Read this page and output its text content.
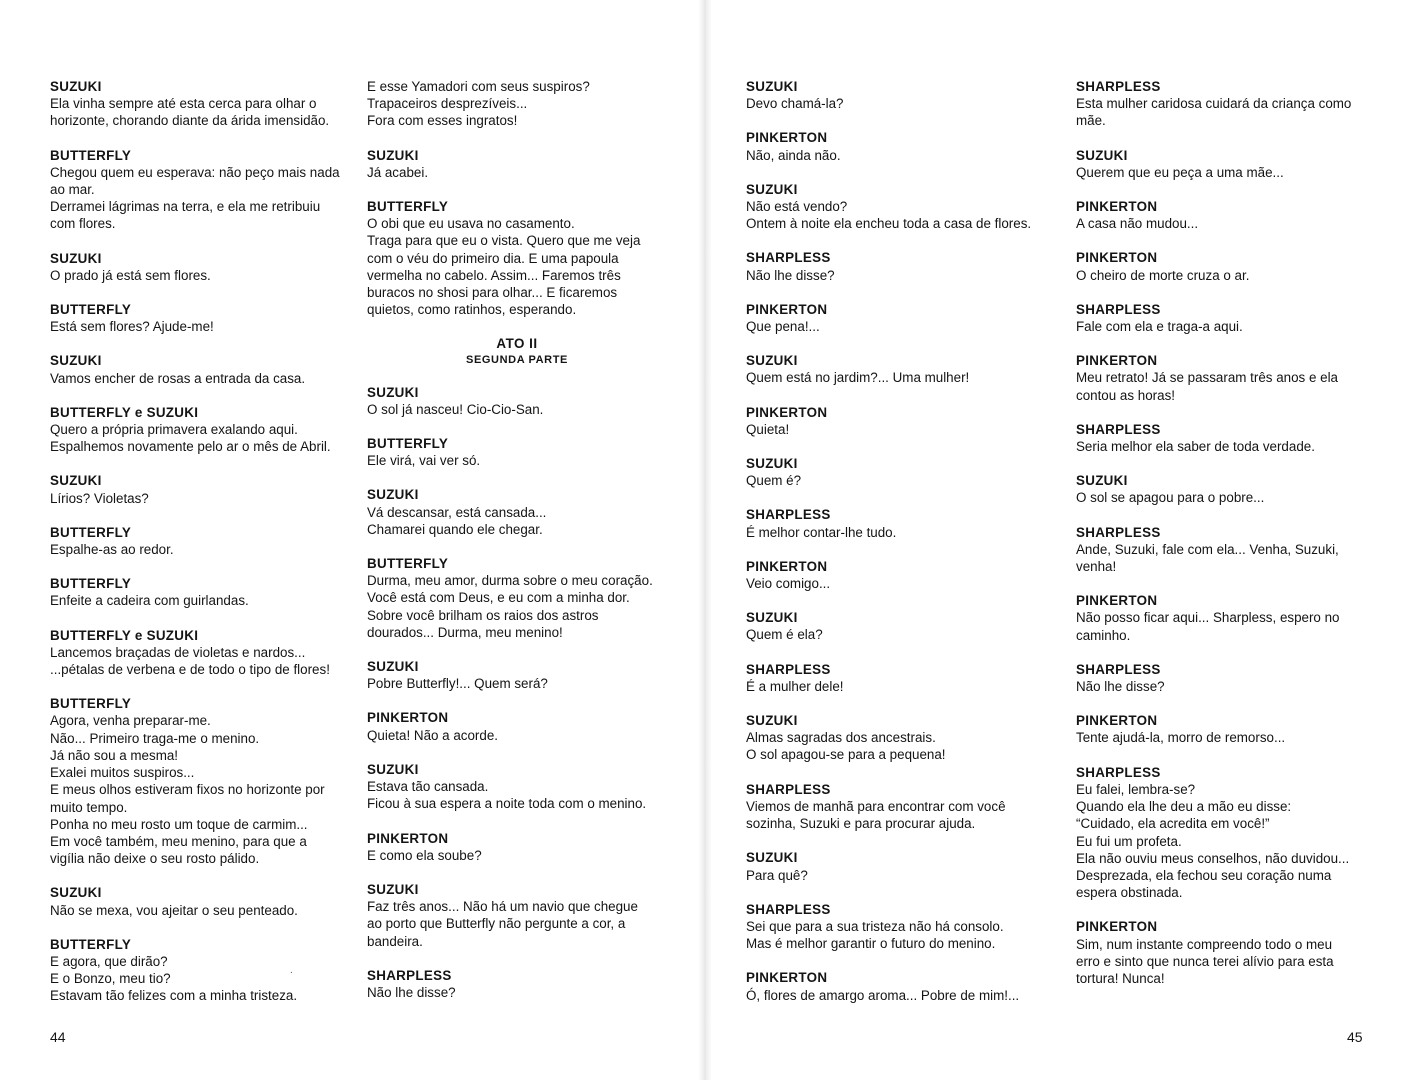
SUZUKI
Ela vinha sempre até esta cerca para olhar o
horizonte, chorando diante da árida imensidão.
BUTTERFLY
Chegou quem eu esperava: não peço mais nada
ao mar.
Derramei lágrimas na terra, e ela me retribuiu
com flores.
SUZUKI
O prado já está sem flores.
BUTTERFLY
Está sem flores? Ajude-me!
SUZUKI
Vamos encher de rosas a entrada da casa.
BUTTERFLY e SUZUKI
Quero a própria primavera exalando aqui.
Espalhemos novamente pelo ar o mês de Abril.
SUZUKI
Lírios? Violetas?
BUTTERFLY
Espalhe-as ao redor.
BUTTERFLY
Enfeite a cadeira com guirlandas.
BUTTERFLY e SUZUKI
Lancemos braçadas de violetas e nardos...
...pétalas de verbena e de todo o tipo de flores!
BUTTERFLY
Agora, venha preparar-me.
Não... Primeiro traga-me o menino.
Já não sou a mesma!
Exalei muitos suspiros...
E meus olhos estiveram fixos no horizonte por
muito tempo.
Ponha no meu rosto um toque de carmim...
Em você também, meu menino, para que a
vigília não deixe o seu rosto pálido.
SUZUKI
Não se mexa, vou ajeitar o seu penteado.
BUTTERFLY
E agora, que dirão?
E o Bonzo, meu tio?
Estavam tão felizes com a minha tristeza.
E esse Yamadori com seus suspiros?
Trapaceiros desprezíveis...
Fora com esses ingratos!
SUZUKI
Já acabei.
BUTTERFLY
O obi que eu usava no casamento.
Traga para que eu o vista. Quero que me veja
com o véu do primeiro dia. E uma papoula
vermelha no cabelo. Assim... Faremos três
buracos no shosi para olhar... E ficaremos
quietos, como ratinhos, esperando.
ATO II
SEGUNDA PARTE
SUZUKI
O sol já nasceu! Cio-Cio-San.
BUTTERFLY
Ele virá, vai ver só.
SUZUKI
Vá descansar, está cansada...
Chamarei quando ele chegar.
BUTTERFLY
Durma, meu amor, durma sobre o meu coração.
Você está com Deus, e eu com a minha dor.
Sobre você brilham os raios dos astros
dourados... Durma, meu menino!
SUZUKI
Pobre Butterfly!... Quem será?
PINKERTON
Quieta! Não a acorde.
SUZUKI
Estava tão cansada.
Ficou à sua espera a noite toda com o menino.
PINKERTON
E como ela soube?
SUZUKI
Faz três anos... Não há um navio que chegue
ao porto que Butterfly não pergunte a cor, a
bandeira.
SHARPLESS
Não lhe disse?
SUZUKI
Devo chamá-la?
PINKERTON
Não, ainda não.
SUZUKI
Não está vendo?
Ontem à noite ela encheu toda a casa de flores.
SHARPLESS
Não lhe disse?
PINKERTON
Que pena!...
SUZUKI
Quem está no jardim?... Uma mulher!
PINKERTON
Quieta!
SUZUKI
Quem é?
SHARPLESS
É melhor contar-lhe tudo.
PINKERTON
Veio comigo...
SUZUKI
Quem é ela?
SHARPLESS
É a mulher dele!
SUZUKI
Almas sagradas dos ancestrais.
O sol apagou-se para a pequena!
SHARPLESS
Viemos de manhã para encontrar com você
sozinha, Suzuki e para procurar ajuda.
SUZUKI
Para quê?
SHARPLESS
Sei que para a sua tristeza não há consolo.
Mas é melhor garantir o futuro do menino.
PINKERTON
Ó, flores de amargo aroma... Pobre de mim!...
SHARPLESS
Esta mulher caridosa cuidará da criança como
mãe.
SUZUKI
Querem que eu peça a uma mãe...
PINKERTON
A casa não mudou...
PINKERTON
O cheiro de morte cruza o ar.
SHARPLESS
Fale com ela e traga-a aqui.
PINKERTON
Meu retrato! Já se passaram três anos e ela
contou as horas!
SHARPLESS
Seria melhor ela saber de toda verdade.
SUZUKI
O sol se apagou para o pobre...
SHARPLESS
Ande, Suzuki, fale com ela... Venha, Suzuki,
venha!
PINKERTON
Não posso ficar aqui... Sharpless, espero no
caminho.
SHARPLESS
Não lhe disse?
PINKERTON
Tente ajudá-la, morro de remorso...
SHARPLESS
Eu falei, lembra-se?
Quando ela lhe deu a mão eu disse:
“Cuidado, ela acredita em você!”
Eu fui um profeta.
Ela não ouviu meus conselhos, não duvidou...
Desprezada, ela fechou seu coração numa
espera obstinada.
PINKERTON
Sim, num instante compreendo todo o meu
erro e sinto que nunca terei alívio para esta
tortura! Nunca!
.
44	45
